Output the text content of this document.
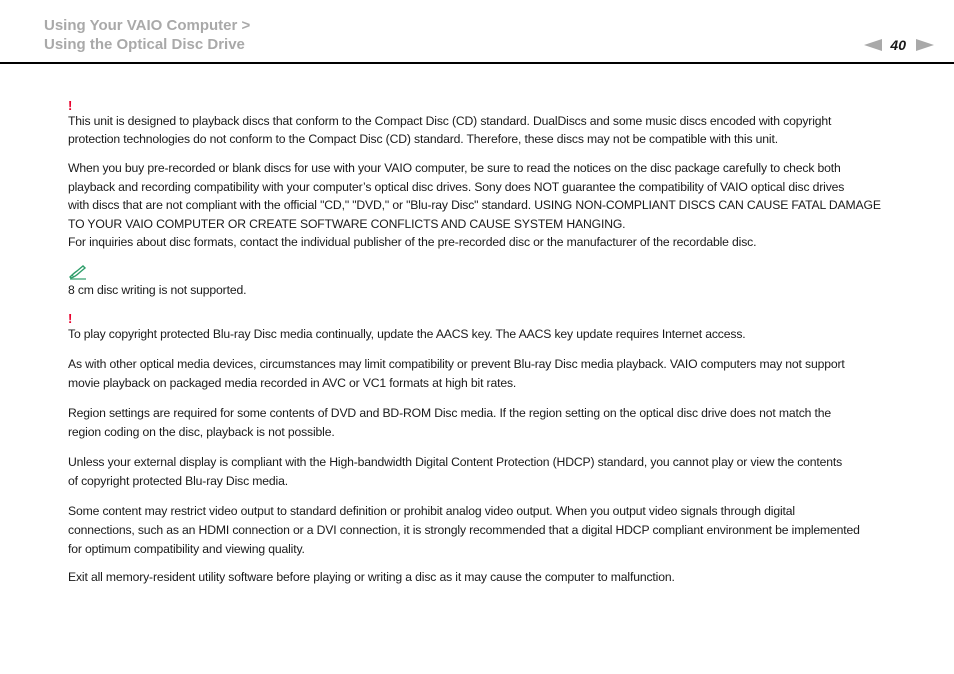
Using Your VAIO Computer >
Using the Optical Disc Drive	40
!

This unit is designed to playback discs that conform to the Compact Disc (CD) standard. DualDiscs and some music discs encoded with copyright
protection technologies do not conform to the Compact Disc (CD) standard. Therefore, these discs may not be compatible with this unit.

When you buy pre-recorded or blank discs for use with your VAIO computer, be sure to read the notices on the disc package carefully to check both
playback and recording compatibility with your computer’s optical disc drives. Sony does NOT guarantee the compatibility of VAIO optical disc drives
with discs that are not compliant with the official "CD," "DVD," or "Blu-ray Disc" standard. USING NON-COMPLIANT DISCS CAN CAUSE FATAL DAMAGE
TO YOUR VAIO COMPUTER OR CREATE SOFTWARE CONFLICTS AND CAUSE SYSTEM HANGING.
For inquiries about disc formats, contact the individual publisher of the pre-recorded disc or the manufacturer of the recordable disc.

8 cm disc writing is not supported.

!

To play copyright protected Blu-ray Disc media continually, update the AACS key. The AACS key update requires Internet access.

As with other optical media devices, circumstances may limit compatibility or prevent Blu-ray Disc media playback. VAIO computers may not support
movie playback on packaged media recorded in AVC or VC1 formats at high bit rates.

Region settings are required for some contents of DVD and BD-ROM Disc media. If the region setting on the optical disc drive does not match the
region coding on the disc, playback is not possible.

Unless your external display is compliant with the High-bandwidth Digital Content Protection (HDCP) standard, you cannot play or view the contents
of copyright protected Blu-ray Disc media.

Some content may restrict video output to standard definition or prohibit analog video output. When you output video signals through digital
connections, such as an HDMI connection or a DVI connection, it is strongly recommended that a digital HDCP compliant environment be implemented
for optimum compatibility and viewing quality.

Exit all memory-resident utility software before playing or writing a disc as it may cause the computer to malfunction.
